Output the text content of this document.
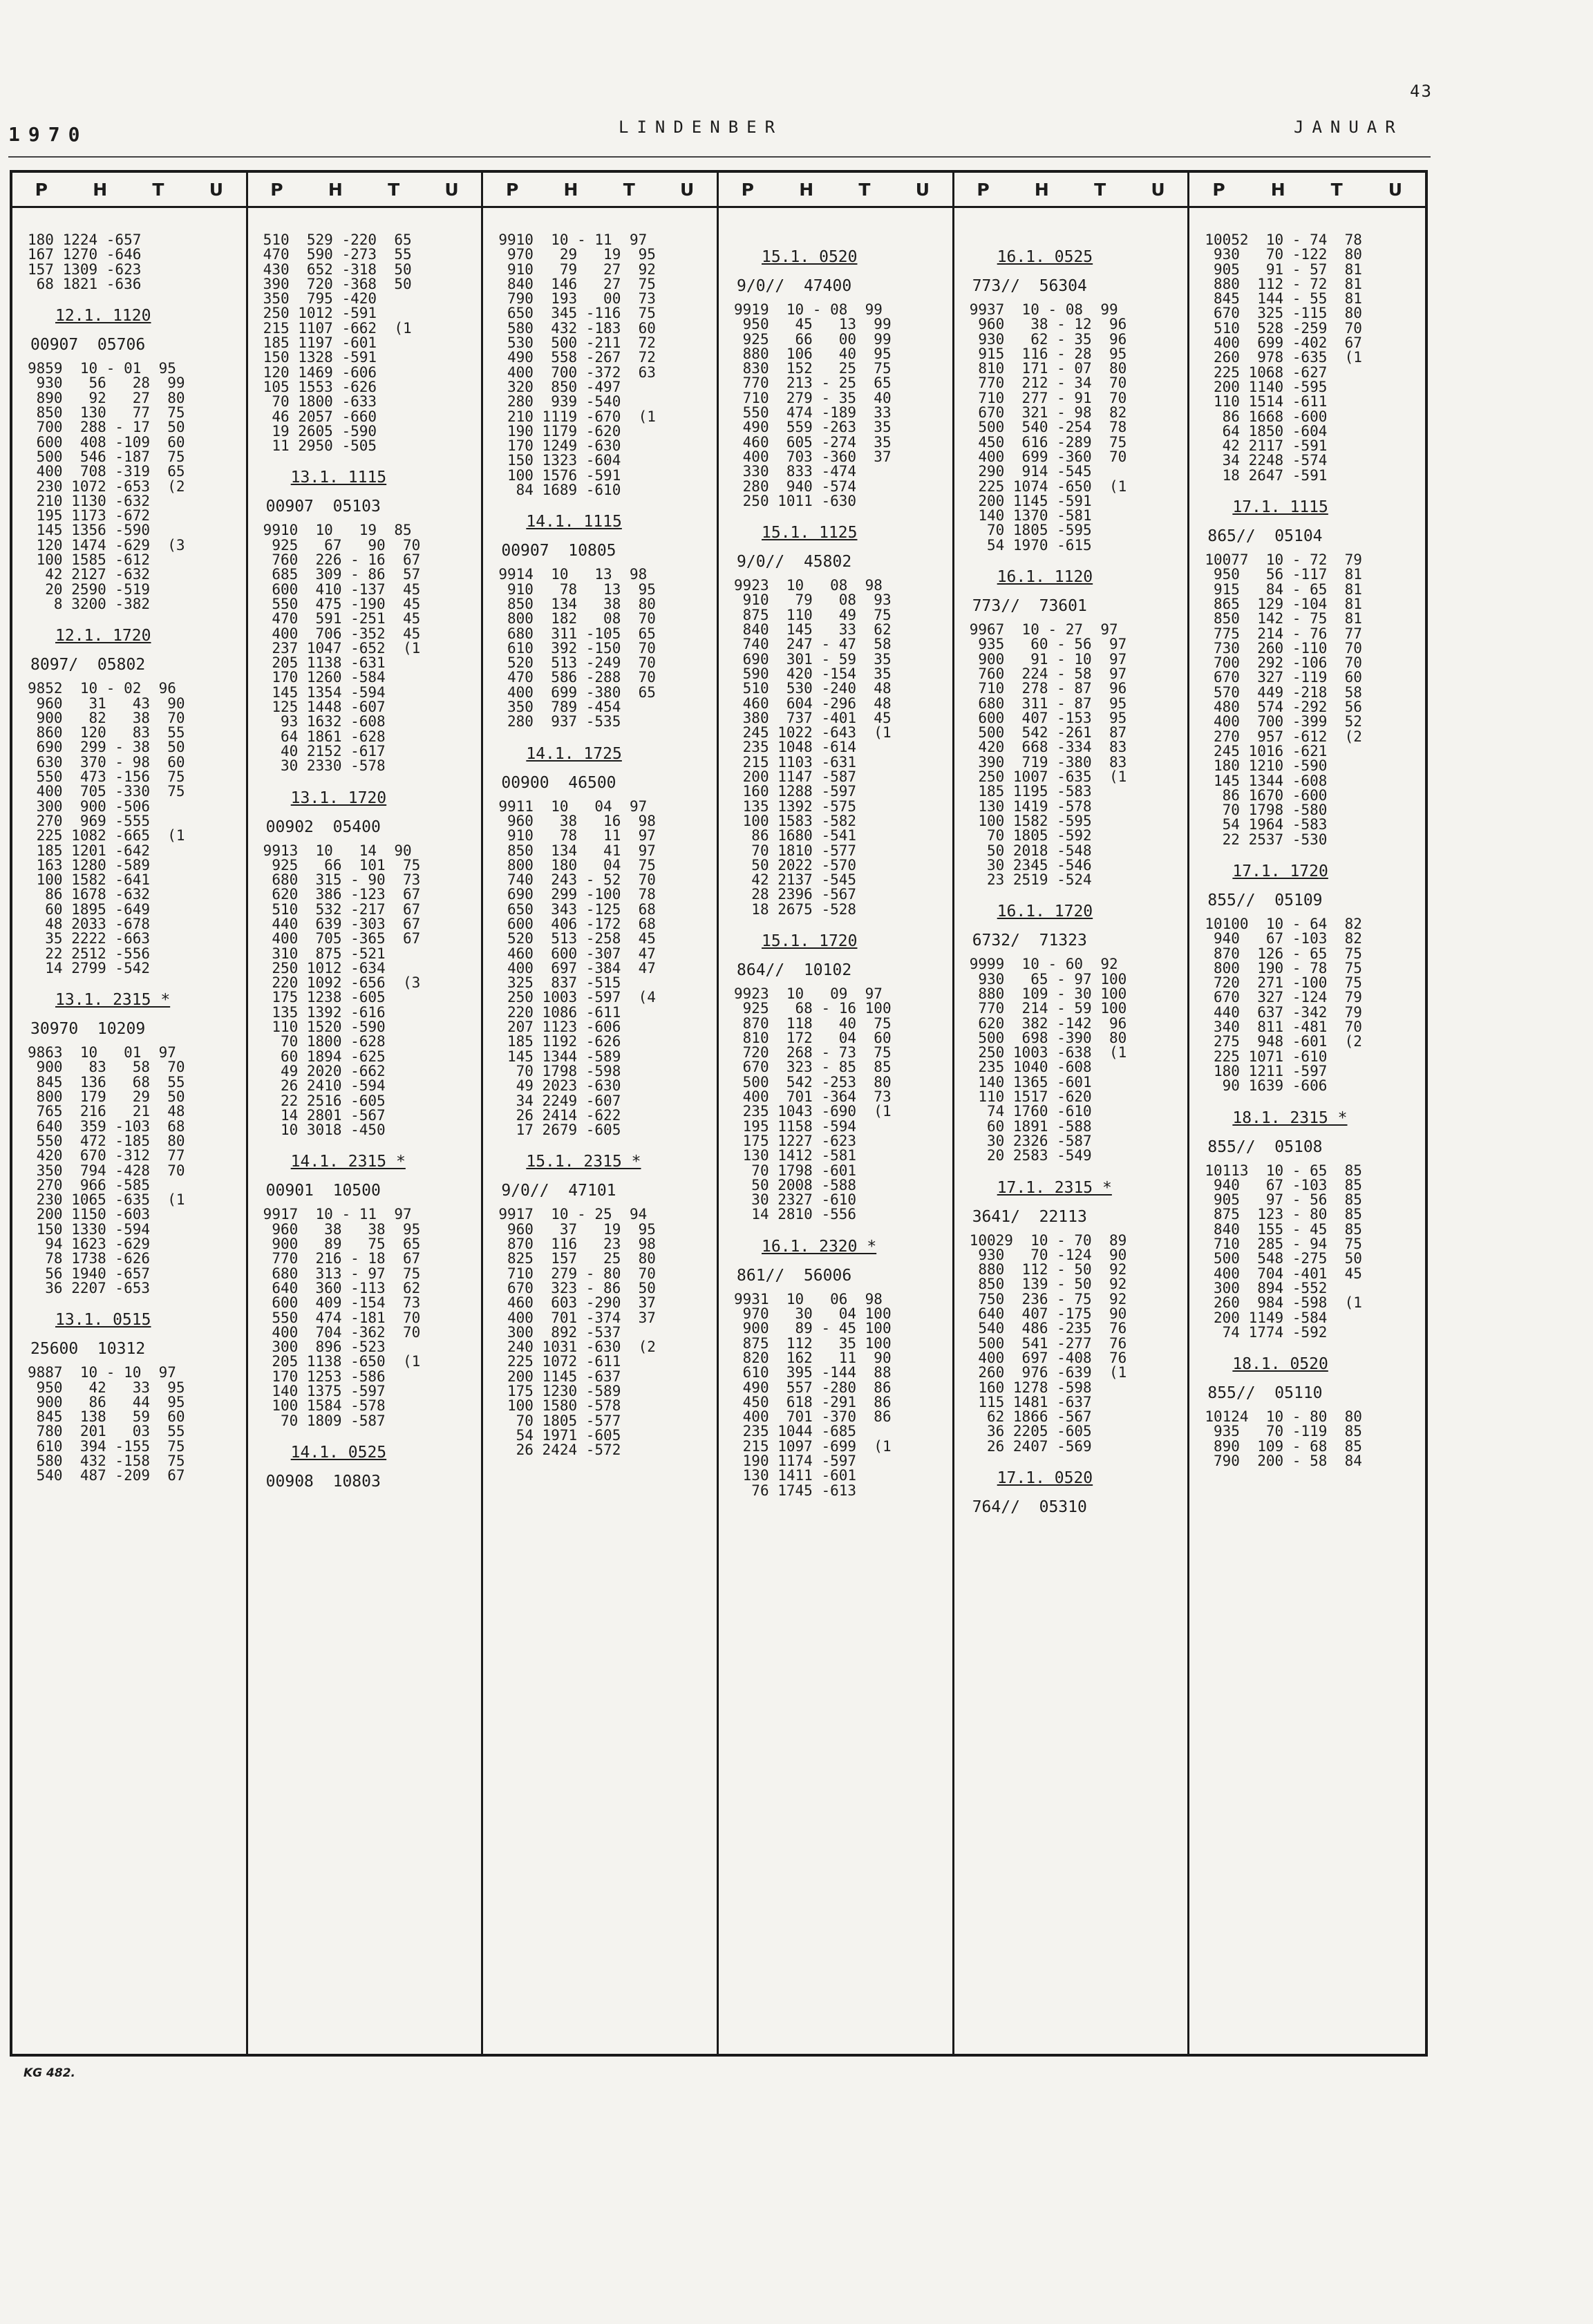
43
1970	LINDENBER	JANUAR
P	H	T	U
180 1224 -657
167 1270 -646
157 1309 -623
68 1821 -636
12.1. 1120
00907  05706
9859  10 - 01  95
930   56   28  99
890   92   27  80
850  130   77  75
700  288 - 17  50
600  408 -109  60
500  546 -187  75
400  708 -319  65
230 1072 -653  (2
210 1130 -632
195 1173 -672
145 1356 -590
120 1474 -629  (3
100 1585 -612
42 2127 -632
20 2590 -519
8 3200 -382
12.1. 1720
8097/  05802
9852  10 - 02  96
960   31   43  90
900   82   38  70
860  120   83  55
690  299 - 38  50
630  370 - 98  60
550  473 -156  75
400  705 -330  75
300  900 -506
270  969 -555
225 1082 -665  (1
185 1201 -642
163 1280 -589
100 1582 -641
86 1678 -632
60 1895 -649
48 2033 -678
35 2222 -663
22 2512 -556
14 2799 -542
13.1. 2315 *
30970  10209
9863  10   01  97
900   83   58  70
845  136   68  55
800  179   29  50
765  216   21  48
640  359 -103  68
550  472 -185  80
420  670 -312  77
350  794 -428  70
270  966 -585
230 1065 -635  (1
200 1150 -603
150 1330 -594
94 1623 -629
78 1738 -626
56 1940 -657
36 2207 -653
13.1. 0515
25600  10312
9887  10 - 10  97
950   42   33  95
900   86   44  95
845  138   59  60
780  201   03  55
610  394 -155  75
580  432 -158  75
540  487 -209  67
P	H	T	U
510  529 -220  65
470  590 -273  55
430  652 -318  50
390  720 -368  50
350  795 -420
250 1012 -591
215 1107 -662  (1
185 1197 -601
150 1328 -591
120 1469 -606
105 1553 -626
70 1800 -633
46 2057 -660
19 2605 -590
11 2950 -505
13.1. 1115
00907  05103
9910  10   19  85
925   67   90  70
760  226 - 16  67
685  309 - 86  57
600  410 -137  45
550  475 -190  45
470  591 -251  45
400  706 -352  45
237 1047 -652  (1
205 1138 -631
170 1260 -584
145 1354 -594
125 1448 -607
93 1632 -608
64 1861 -628
40 2152 -617
30 2330 -578
13.1. 1720
00902  05400
9913  10   14  90
925   66  101  75
680  315 - 90  73
620  386 -123  67
510  532 -217  67
440  639 -303  67
400  705 -365  67
310  875 -521
250 1012 -634
220 1092 -656  (3
175 1238 -605
135 1392 -616
110 1520 -590
70 1800 -628
60 1894 -625
49 2020 -662
26 2410 -594
22 2516 -605
14 2801 -567
10 3018 -450
14.1. 2315 *
00901  10500
9917  10 - 11  97
960   38   38  95
900   89   75  65
770  216 - 18  67
680  313 - 97  75
640  360 -113  62
600  409 -154  73
550  474 -181  70
400  704 -362  70
300  896 -523
205 1138 -650  (1
170 1253 -586
140 1375 -597
100 1584 -578
70 1809 -587
14.1. 0525
00908  10803
P	H	T	U
9910  10 - 11  97
970   29   19  95
910   79   27  92
840  146   27  75
790  193   00  73
650  345 -116  75
580  432 -183  60
530  500 -211  72
490  558 -267  72
400  700 -372  63
320  850 -497
280  939 -540
210 1119 -670  (1
190 1179 -620
170 1249 -630
150 1323 -604
100 1576 -591
84 1689 -610
14.1. 1115
00907  10805
9914  10   13  98
910   78   13  95
850  134   38  80
800  182   08  70
680  311 -105  65
610  392 -150  70
520  513 -249  70
470  586 -288  70
400  699 -380  65
350  789 -454
280  937 -535
14.1. 1725
00900  46500
9911  10   04  97
960   38   16  98
910   78   11  97
850  134   41  97
800  180   04  75
740  243 - 52  70
690  299 -100  78
650  343 -125  68
600  406 -172  68
520  513 -258  45
460  600 -307  47
400  697 -384  47
325  837 -515
250 1003 -597  (4
220 1086 -611
207 1123 -606
185 1192 -626
145 1344 -589
70 1798 -598
49 2023 -630
34 2249 -607
26 2414 -622
17 2679 -605
15.1. 2315 *
9/0//  47101
9917  10 - 25  94
960   37   19  95
870  116   23  98
825  157   25  80
710  279 - 80  70
670  323 - 86  50
460  603 -290  37
400  701 -374  37
300  892 -537
240 1031 -630  (2
225 1072 -611
200 1145 -637
175 1230 -589
100 1580 -578
70 1805 -577
54 1971 -605
26 2424 -572
P	H	T	U
15.1. 0520
9/0//  47400
9919  10 - 08  99
950   45   13  99
925   66   00  99
880  106   40  95
830  152   25  75
770  213 - 25  65
710  279 - 35  40
550  474 -189  33
490  559 -263  35
460  605 -274  35
400  703 -360  37
330  833 -474
280  940 -574
250 1011 -630
15.1. 1125
9/0//  45802
9923  10   08  98
910   79   08  93
875  110   49  75
840  145   33  62
740  247 - 47  58
690  301 - 59  35
590  420 -154  35
510  530 -240  48
460  604 -296  48
380  737 -401  45
245 1022 -643  (1
235 1048 -614
215 1103 -631
200 1147 -587
160 1288 -597
135 1392 -575
100 1583 -582
86 1680 -541
70 1810 -577
50 2022 -570
42 2137 -545
28 2396 -567
18 2675 -528
15.1. 1720
864//  10102
9923  10   09  97
925   68 - 16 100
870  118   40  75
810  172   04  60
720  268 - 73  75
670  323 - 85  85
500  542 -253  80
400  701 -364  73
235 1043 -690  (1
195 1158 -594
175 1227 -623
130 1412 -581
70 1798 -601
50 2008 -588
30 2327 -610
14 2810 -556
16.1. 2320 *
861//  56006
9931  10   06  98
970   30   04 100
900   89 - 45 100
875  112   35 100
820  162   11  90
610  395 -144  88
490  557 -280  86
450  618 -291  86
400  701 -370  86
235 1044 -685
215 1097 -699  (1
190 1174 -597
130 1411 -601
76 1745 -613
P	H	T	U
16.1. 0525
773//  56304
9937  10 - 08  99
960   38 - 12  96
930   62 - 35  96
915  116 - 28  95
810  171 - 07  80
770  212 - 34  70
710  277 - 91  70
670  321 - 98  82
500  540 -254  78
450  616 -289  75
400  699 -360  70
290  914 -545
225 1074 -650  (1
200 1145 -591
140 1370 -581
70 1805 -595
54 1970 -615
16.1. 1120
773//  73601
9967  10 - 27  97
935   60 - 56  97
900   91 - 10  97
760  224 - 58  97
710  278 - 87  96
680  311 - 87  95
600  407 -153  95
500  542 -261  87
420  668 -334  83
390  719 -380  83
250 1007 -635  (1
185 1195 -583
130 1419 -578
100 1582 -595
70 1805 -592
50 2018 -548
30 2345 -546
23 2519 -524
16.1. 1720
6732/  71323
9999  10 - 60  92
930   65 - 97 100
880  109 - 30 100
770  214 - 59 100
620  382 -142  96
500  698 -390  80
250 1003 -638  (1
235 1040 -608
140 1365 -601
110 1517 -620
74 1760 -610
60 1891 -588
30 2326 -587
20 2583 -549
17.1. 2315 *
3641/  22113
10029  10 - 70  89
930   70 -124  90
880  112 - 50  92
850  139 - 50  92
750  236 - 75  92
640  407 -175  90
540  486 -235  76
500  541 -277  76
400  697 -408  76
260  976 -639  (1
160 1278 -598
115 1481 -637
62 1866 -567
36 2205 -605
26 2407 -569
17.1. 0520
764//  05310
P	H	T	U
10052  10 - 74  78
930   70 -122  80
905   91 - 57  81
880  112 - 72  81
845  144 - 55  81
670  325 -115  80
510  528 -259  70
400  699 -402  67
260  978 -635  (1
225 1068 -627
200 1140 -595
110 1514 -611
86 1668 -600
64 1850 -604
42 2117 -591
34 2248 -574
18 2647 -591
17.1. 1115
865//  05104
10077  10 - 72  79
950   56 -117  81
915   84 - 65  81
865  129 -104  81
850  142 - 75  81
775  214 - 76  77
730  260 -110  70
700  292 -106  70
670  327 -119  60
570  449 -218  58
480  574 -292  56
400  700 -399  52
270  957 -612  (2
245 1016 -621
180 1210 -590
145 1344 -608
86 1670 -600
70 1798 -580
54 1964 -583
22 2537 -530
17.1. 1720
855//  05109
10100  10 - 64  82
940   67 -103  82
870  126 - 65  75
800  190 - 78  75
720  271 -100  75
670  327 -124  79
440  637 -342  79
340  811 -481  70
275  948 -601  (2
225 1071 -610
180 1211 -597
90 1639 -606
18.1. 2315 *
855//  05108
10113  10 - 65  85
940   67 -103  85
905   97 - 56  85
875  123 - 80  85
840  155 - 45  85
710  285 - 94  75
500  548 -275  50
400  704 -401  45
300  894 -552
260  984 -598  (1
200 1149 -584
74 1774 -592
18.1. 0520
855//  05110
10124  10 - 80  80
935   70 -119  85
890  109 - 68  85
790  200 - 58  84
KG 482.
